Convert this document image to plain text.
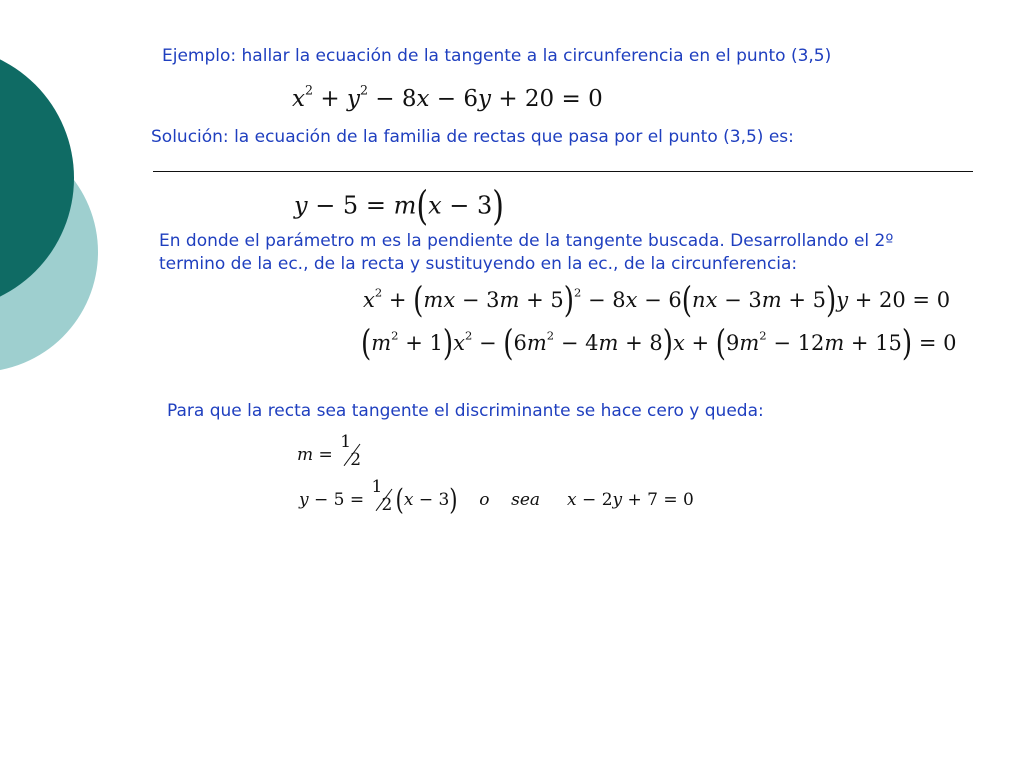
Ejemplo: hallar la ecuación de la tangente a la circunferencia en el punto (3,5)
$x^2 + y^2 - 8x - 6y + 20 = 0$
Solución: la ecuación de la familia de rectas que pasa por el punto (3,5) es:
y − 5 = m(x − 3)
En donde el parámetro m es la pendiente de la tangente buscada. Desarrollando el 2º termino de la ec., de la recta y sustituyendo en la ec., de la circunferencia:
$x^2 + (mx - 3m + 5)^2 - 8x - 6(nx - 3m + 5)y + 20 = 0$
$(m^2 + 1)x^2 - (6m^2 - 4m + 8)x + (9m^2 - 12m + 15) = 0$
Para que la recta sea tangente el discriminante se hace cero y queda:
m =
1
2
y − 5 =
1
2 (x − 3) o sea x − 2y + 7 = 0
